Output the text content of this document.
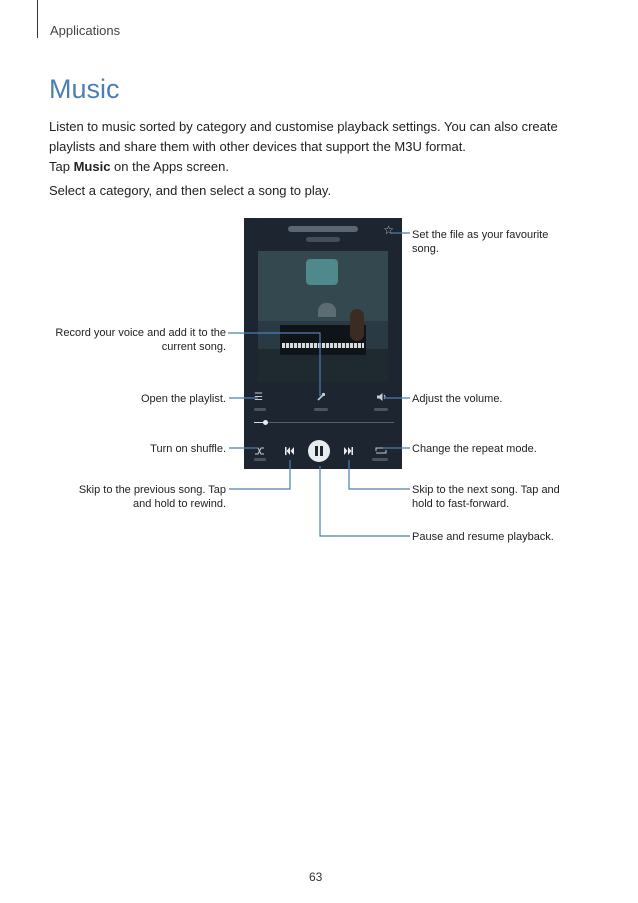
Applications
Music

Listen to music sorted by category and customise playback settings. You can also create playlists and share them with other devices that support the M3U format.

Tap Music on the Apps screen.

Select a category, and then select a song to play.

☆
☰
Set the file as your favourite song.
Record your voice and add it to the current song.
Open the playlist.	Adjust the volume.
Turn on shuffle.	Change the repeat mode.
Skip to the previous song. Tap and hold to rewind.
Skip to the next song. Tap and hold to fast-forward.
Pause and resume playback.
63
